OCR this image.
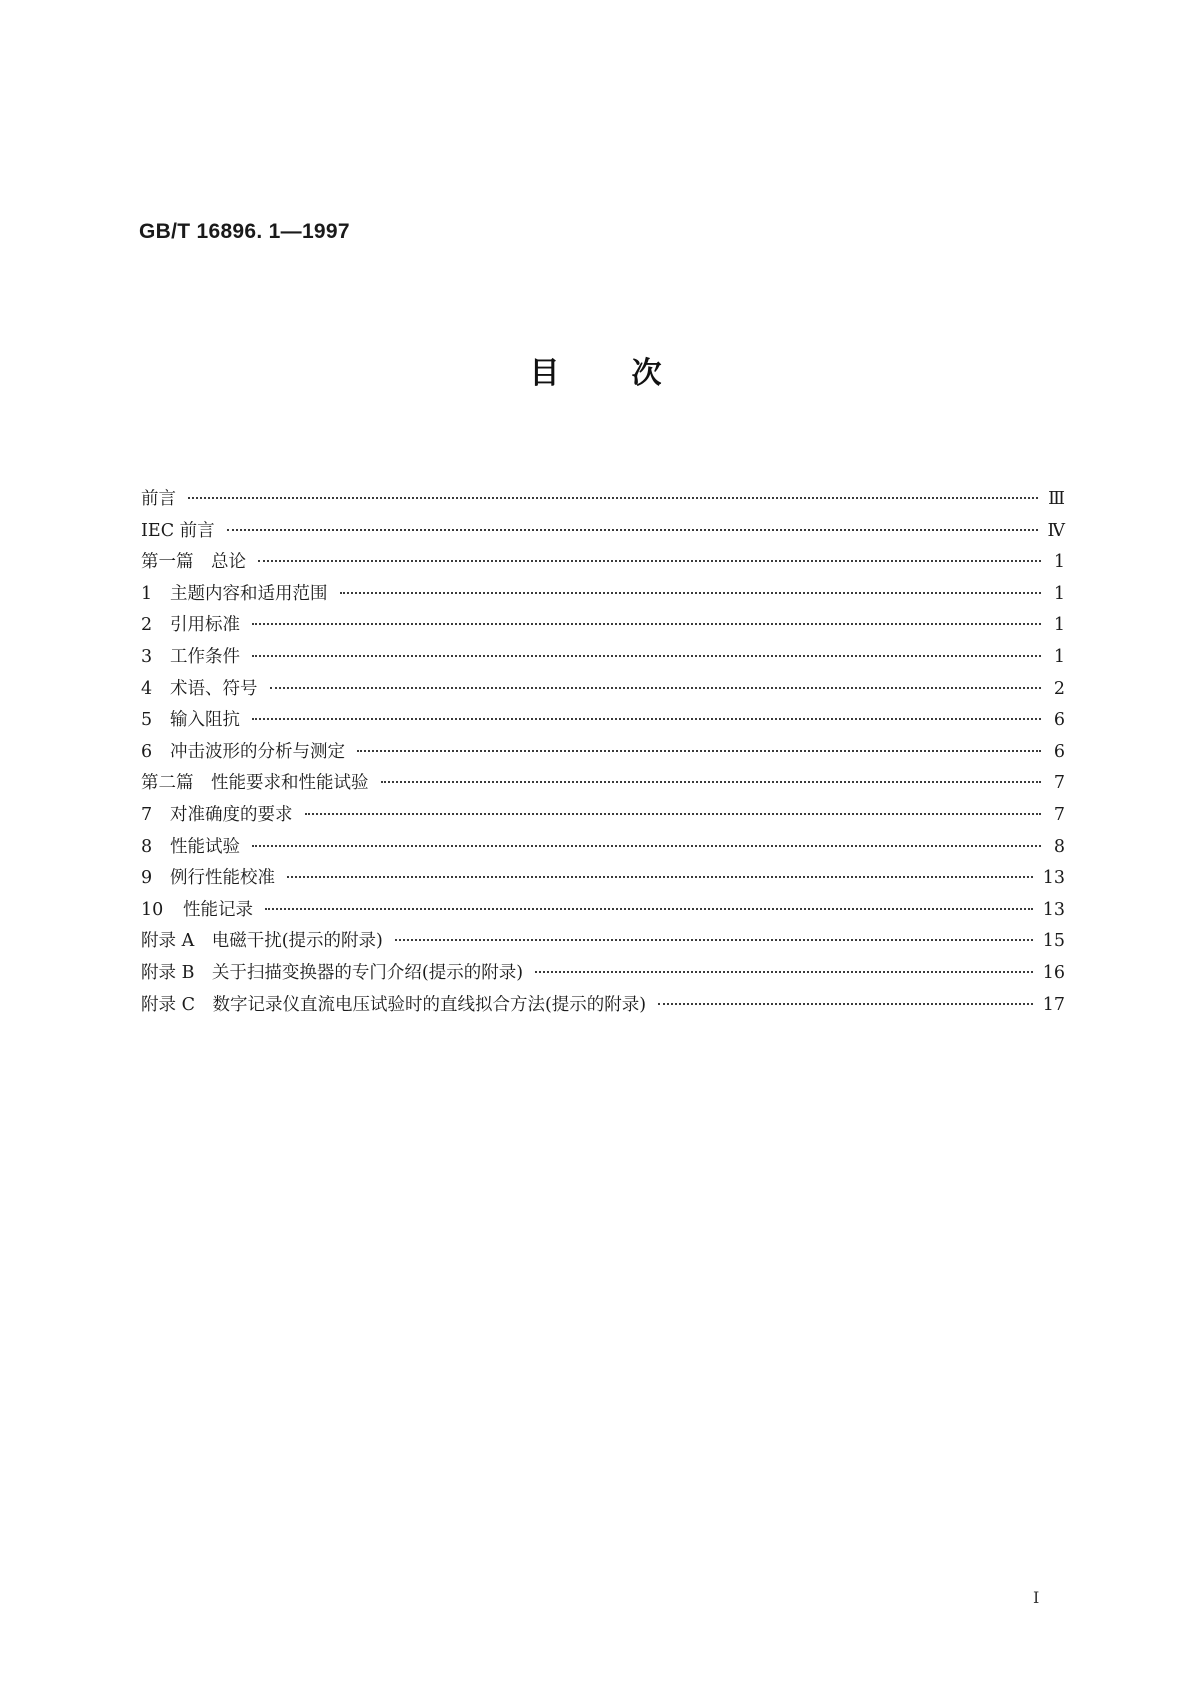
GB/T 16896. 1—1997
目次
前言	Ⅲ
IEC 前言	Ⅳ
第一篇　总论	1
1	主题内容和适用范围	1
2	引用标准	1
3	工作条件	1
4	术语、符号	2
5	输入阻抗	6
6	冲击波形的分析与测定	6
第二篇　性能要求和性能试验	7
7	对准确度的要求	7
8	性能试验	8
9	例行性能校准	13
10	性能记录	13
附录 A　电磁干扰(提示的附录)	15
附录 B　关于扫描变换器的专门介绍(提示的附录)	16
附录 C　数字记录仪直流电压试验时的直线拟合方法(提示的附录)	17
I
